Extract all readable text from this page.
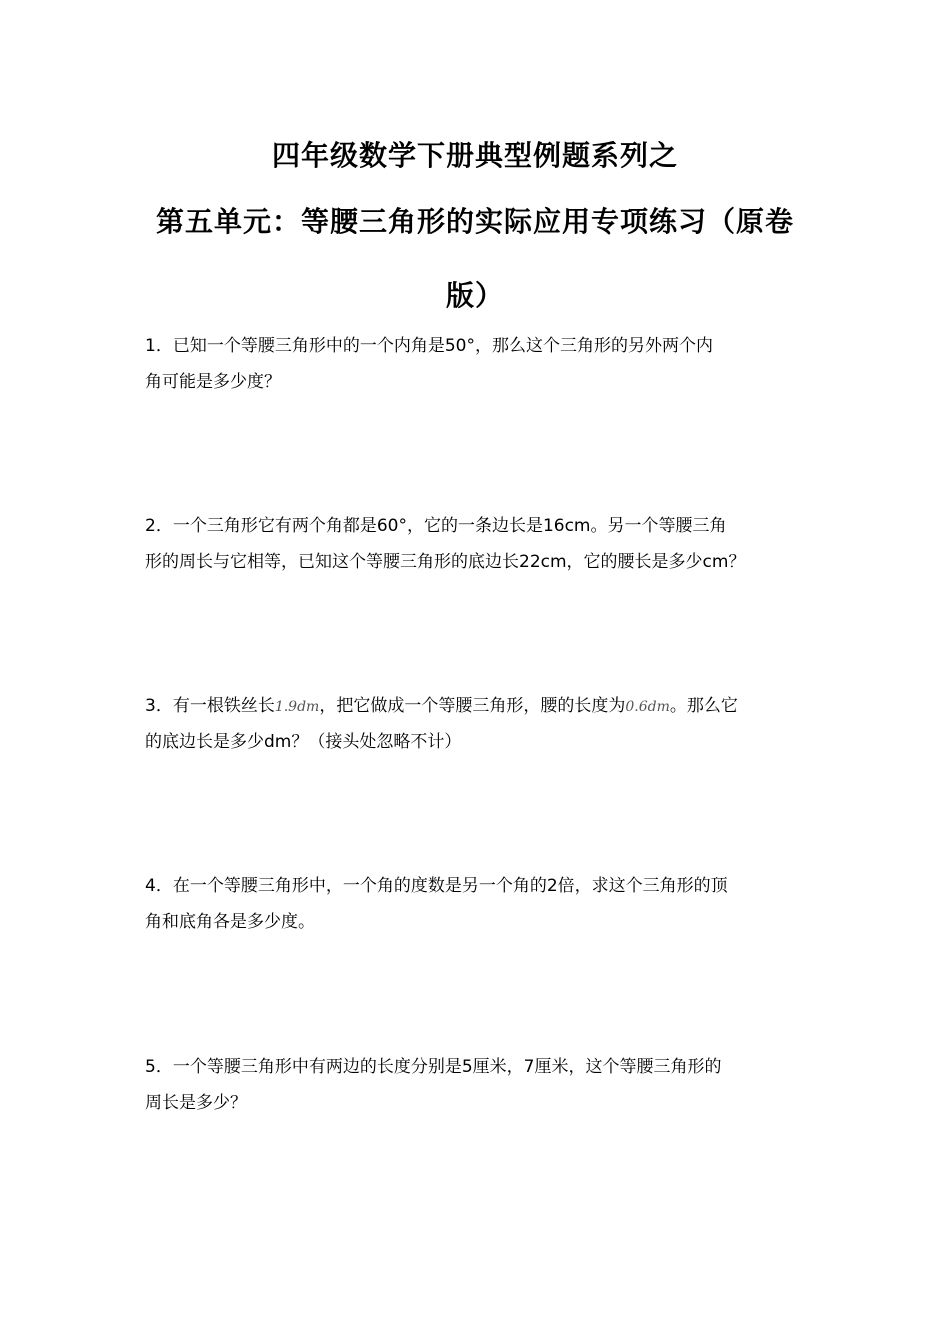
四年级数学下册典型例题系列之
第五单元：等腰三角形的实际应用专项练习（原卷
版）
1．已知一个等腰三角形中的一个内角是50°，那么这个三角形的另外两个内
角可能是多少度？
2．一个三角形它有两个角都是60°，它的一条边长是16cm。另一个等腰三角
形的周长与它相等，已知这个等腰三角形的底边长22cm，它的腰长是多少cm？
3．有一根铁丝长1.9dm，把它做成一个等腰三角形，腰的长度为0.6dm。那么它
的底边长是多少dm？（接头处忽略不计）
4．在一个等腰三角形中，一个角的度数是另一个角的2倍，求这个三角形的顶
角和底角各是多少度。
5．一个等腰三角形中有两边的长度分别是5厘米，7厘米，这个等腰三角形的
周长是多少？
